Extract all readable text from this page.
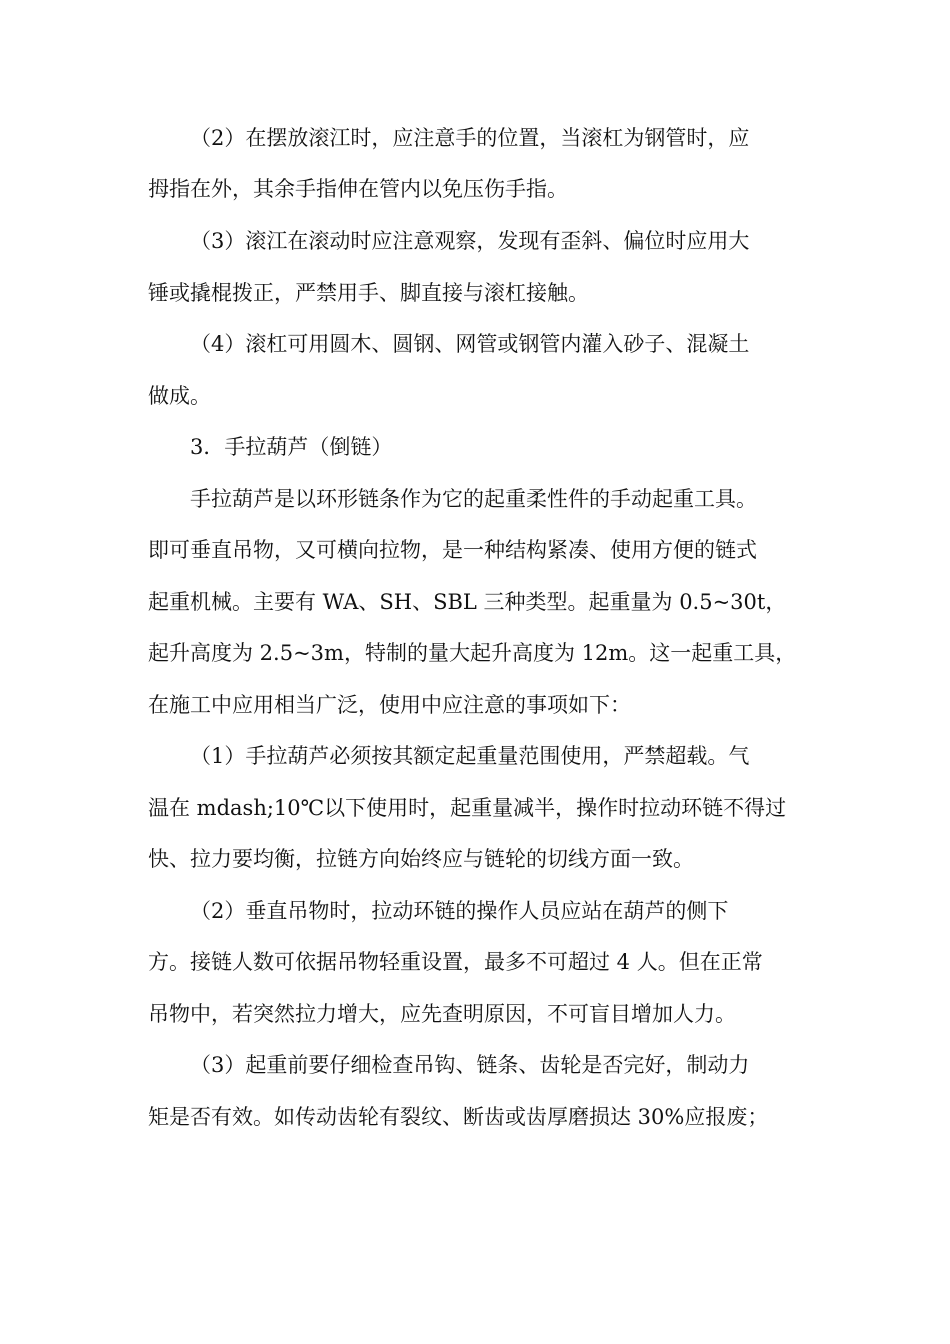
（2）在摆放滚江时，应注意手的位置，当滚杠为钢管时，应
拇指在外，其余手指伸在管内以免压伤手指。
（3）滚江在滚动时应注意观察，发现有歪斜、偏位时应用大
锤或撬棍拨正，严禁用手、脚直接与滚杠接触。
（4）滚杠可用圆木、圆钢、网管或钢管内灌入砂子、混凝土
做成。
3．手拉葫芦（倒链）
手拉葫芦是以环形链条作为它的起重柔性件的手动起重工具。
即可垂直吊物，又可横向拉物，是一种结构紧凑、使用方便的链式
起重机械。主要有 WA、SH、SBL 三种类型。起重量为 0.5~30t，
起升高度为 2.5~3m，特制的量大起升高度为 12m。这一起重工具，
在施工中应用相当广泛，使用中应注意的事项如下：
（1）手拉葫芦必须按其额定起重量范围使用，严禁超载。气
温在 mdash;10℃以下使用时，起重量减半，操作时拉动环链不得过
快、拉力要均衡，拉链方向始终应与链轮的切线方面一致。
（2）垂直吊物时，拉动环链的操作人员应站在葫芦的侧下
方。接链人数可依据吊物轻重设置，最多不可超过 4 人。但在正常
吊物中，若突然拉力增大，应先查明原因，不可盲目增加人力。
（3）起重前要仔细检查吊钩、链条、齿轮是否完好，制动力
矩是否有效。如传动齿轮有裂纹、断齿或齿厚磨损达 30%应报废；
